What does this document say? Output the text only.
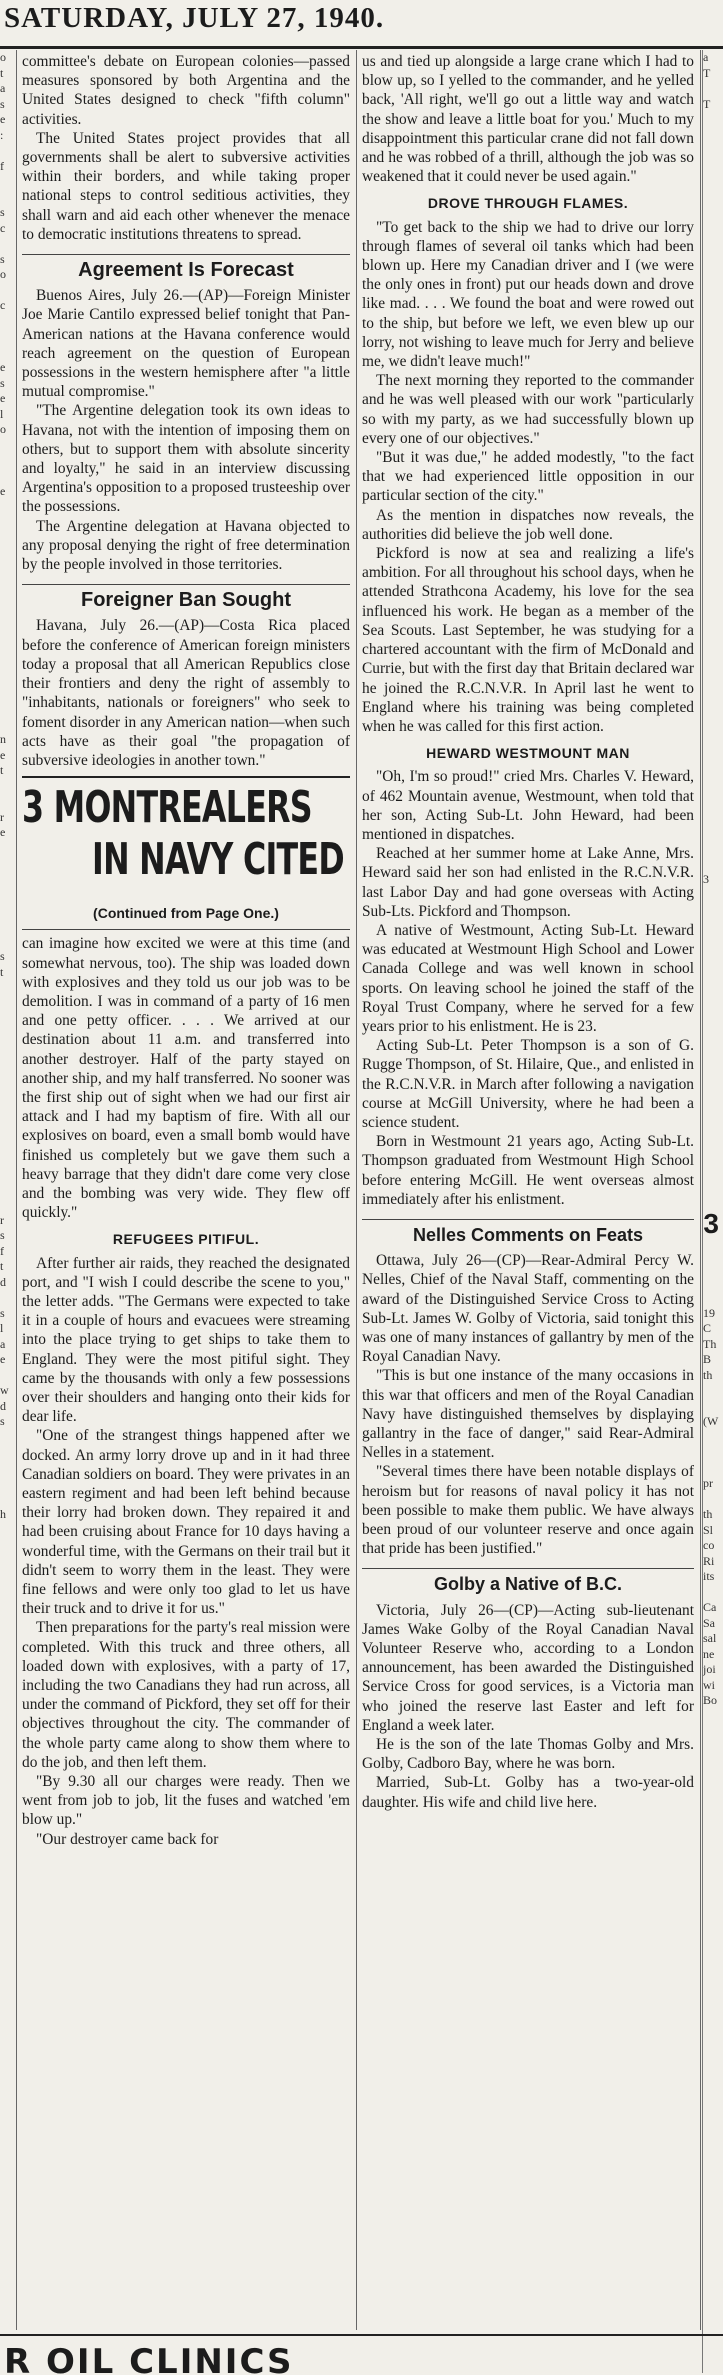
SATURDAY, JULY 27, 1940.
o
t
a
s
e
:

f

s
c

s
o

c

e
s
e
l
o

e

n
e
t

r
e

s
t

r
s
f
t
d

s
l
a
e

w
d
s

h

a
T

T

3

19
C
Th
B
th

(W

pr

th
Sl
co
Ri
its

Ca
Sa
sal
ne
joi
wi
Bo
3

committee's debate on European colonies—passed measures sponsored by both Argentina and the United States designed to check "fifth column" activities.

The United States project provides that all governments shall be alert to subversive activities within their borders, and while taking proper national steps to control seditious activities, they shall warn and aid each other whenever the menace to democratic institutions threatens to spread.

Agreement Is Forecast

Buenos Aires, July 26.—(AP)—Foreign Minister Joe Marie Cantilo expressed belief tonight that Pan-American nations at the Havana conference would reach agreement on the question of European possessions in the western hemisphere after "a little mutual compromise."

"The Argentine delegation took its own ideas to Havana, not with the intention of imposing them on others, but to support them with absolute sincerity and loyalty," he said in an interview discussing Argentina's opposition to a proposed trusteeship over the possessions.

The Argentine delegation at Havana objected to any proposal denying the right of free determination by the people involved in those territories.

Foreigner Ban Sought

Havana, July 26.—(AP)—Costa Rica placed before the conference of American foreign ministers today a proposal that all American Republics close their frontiers and deny the right of assembly to "inhabitants, nationals or foreigners" who seek to foment disorder in any American nation—when such acts have as their goal "the propagation of subversive ideologies in another town."

3 MONTREALERS
IN NAVY CITED
(Continued from Page One.)

can imagine how excited we were at this time (and somewhat nervous, too). The ship was loaded down with explosives and they told us our job was to be demolition. I was in command of a party of 16 men and one petty officer. . . . We arrived at our destination about 11 a.m. and transferred into another destroyer. Half of the party stayed on another ship, and my half transferred. No sooner was the first ship out of sight when we had our first air attack and I had my baptism of fire. With all our explosives on board, even a small bomb would have finished us completely but we gave them such a heavy barrage that they didn't dare come very close and the bombing was very wide. They flew off quickly."

REFUGEES PITIFUL.

After further air raids, they reached the designated port, and "I wish I could describe the scene to you," the letter adds. "The Germans were expected to take it in a couple of hours and evacuees were streaming into the place trying to get ships to take them to England. They were the most pitiful sight. They came by the thousands with only a few possessions over their shoulders and hanging onto their kids for dear life.

"One of the strangest things happened after we docked. An army lorry drove up and in it had three Canadian soldiers on board. They were privates in an eastern regiment and had been left behind because their lorry had broken down. They repaired it and had been cruising about France for 10 days having a wonderful time, with the Germans on their trail but it didn't seem to worry them in the least. They were fine fellows and were only too glad to let us have their truck and to drive it for us."

Then preparations for the party's real mission were completed. With this truck and three others, all loaded down with explosives, with a party of 17, including the two Canadians they had run across, all under the command of Pickford, they set off for their objectives throughout the city. The commander of the whole party came along to show them where to do the job, and then left them.

"By 9.30 all our charges were ready. Then we went from job to job, lit the fuses and watched 'em blow up."

"Our destroyer came back for

us and tied up alongside a large crane which I had to blow up, so I yelled to the commander, and he yelled back, 'All right, we'll go out a little way and watch the show and leave a little boat for you.' Much to my disappointment this particular crane did not fall down and he was robbed of a thrill, although the job was so weakened that it could never be used again."

DROVE THROUGH FLAMES.

"To get back to the ship we had to drive our lorry through flames of several oil tanks which had been blown up. Here my Canadian driver and I (we were the only ones in front) put our heads down and drove like mad. . . . We found the boat and were rowed out to the ship, but before we left, we even blew up our lorry, not wishing to leave much for Jerry and believe me, we didn't leave much!"

The next morning they reported to the commander and he was well pleased with our work "particularly so with my party, as we had successfully blown up every one of our objectives."

"But it was due," he added modestly, "to the fact that we had experienced little opposition in our particular section of the city."

As the mention in dispatches now reveals, the authorities did believe the job well done.

Pickford is now at sea and realizing a life's ambition. For all throughout his school days, when he attended Strathcona Academy, his love for the sea influenced his work. He began as a member of the Sea Scouts. Last September, he was studying for a chartered accountant with the firm of McDonald and Currie, but with the first day that Britain declared war he joined the R.C.N.V.R. In April last he went to England where his training was being completed when he was called for this first action.

HEWARD WESTMOUNT MAN

"Oh, I'm so proud!" cried Mrs. Charles V. Heward, of 462 Mountain avenue, Westmount, when told that her son, Acting Sub-Lt. John Heward, had been mentioned in dispatches.

Reached at her summer home at Lake Anne, Mrs. Heward said her son had enlisted in the R.C.N.V.R. last Labor Day and had gone overseas with Acting Sub-Lts. Pickford and Thompson.

A native of Westmount, Acting Sub-Lt. Heward was educated at Westmount High School and Lower Canada College and was well known in school sports. On leaving school he joined the staff of the Royal Trust Company, where he served for a few years prior to his enlistment. He is 23.

Acting Sub-Lt. Peter Thompson is a son of G. Rugge Thompson, of St. Hilaire, Que., and enlisted in the R.C.N.V.R. in March after following a navigation course at McGill University, where he had been a science student.

Born in Westmount 21 years ago, Acting Sub-Lt. Thompson graduated from Westmount High School before entering McGill. He went overseas almost immediately after his enlistment.

Nelles Comments on Feats

Ottawa, July 26—(CP)—Rear-Admiral Percy W. Nelles, Chief of the Naval Staff, commenting on the award of the Distinguished Service Cross to Acting Sub-Lt. James W. Golby of Victoria, said tonight this was one of many instances of gallantry by men of the Royal Canadian Navy.

"This is but one instance of the many occasions in this war that officers and men of the Royal Canadian Navy have distinguished themselves by displaying gallantry in the face of danger," said Rear-Admiral Nelles in a statement.

"Several times there have been notable displays of heroism but for reasons of naval policy it has not been possible to make them public. We have always been proud of our volunteer reserve and once again that pride has been justified."

Golby a Native of B.C.

Victoria, July 26—(CP)—Acting sub-lieutenant James Wake Golby of the Royal Canadian Naval Volunteer Reserve who, according to a London announcement, has been awarded the Distinguished Service Cross for good services, is a Victoria man who joined the reserve last Easter and left for England a week later.

He is the son of the late Thomas Golby and Mrs. Golby, Cadboro Bay, where he was born.

Married, Sub-Lt. Golby has a two-year-old daughter. His wife and child live here.

R OIL CLINICS
